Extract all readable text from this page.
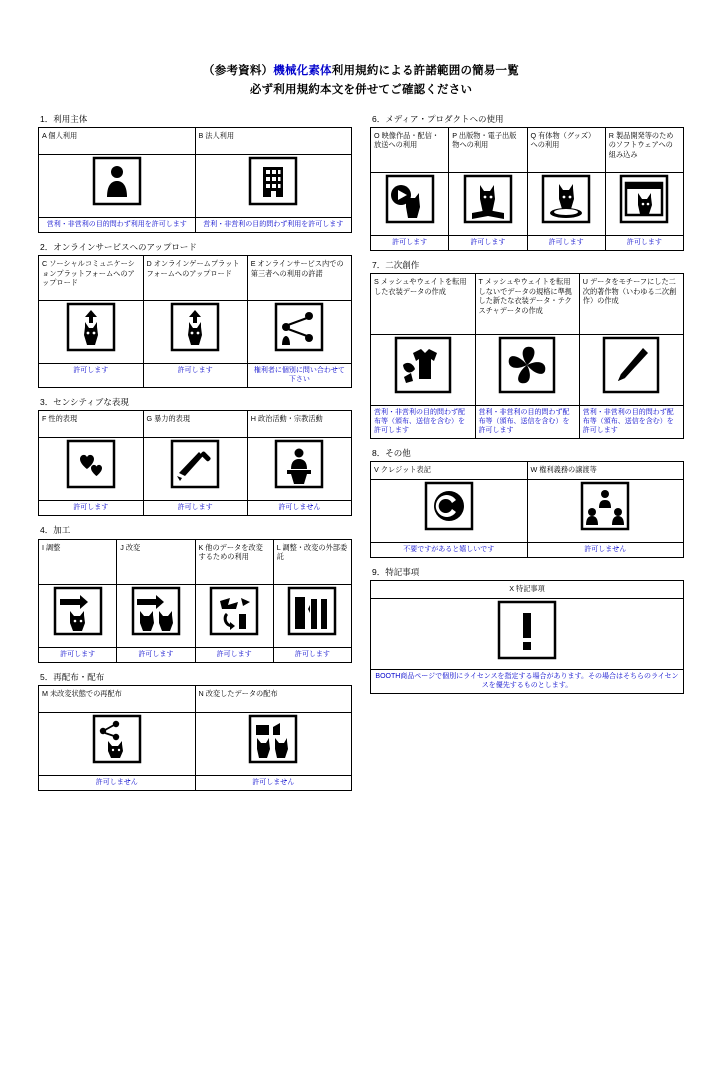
（参考資料）機械化素体利用規約による許諾範囲の簡易一覧
必ず利用規約本文を併せてご確認ください
1．利用主体
A 個人利用	B 法人利用

営利・非営利の目的問わず利用を許可します	営利・非営利の目的問わず利用を許可します
2．オンラインサービスへのアップロード
C ソーシャルコミュニケーションプラットフォームへのアップロード	D オンラインゲームプラットフォームへのアップロード	E オンラインサービス内での第三者への利用の許諾

許可します	許可します	権利者に個別に問い合わせて下さい
3．センシティブな表現
F 性的表現	G 暴力的表現	H 政治活動・宗教活動

許可します	許可します	許可しません
4．加工
I 調整	J 改変	K 他のデータを改変するための利用	L 調整・改変の外部委託

許可します	許可します	許可します	許可します
5．再配布・配布
M 未改変状態での再配布	N 改変したデータの配布

許可しません	許可しません
6．メディア・プロダクトへの使用
O 映像作品・配信・放送への利用	P 出版物・電子出版物への利用	Q 有体物（グッズ）への利用	R 製品開発等のためのソフトウェアへの組み込み

許可します	許可します	許可します	許可します
7．二次創作
S メッシュやウェイトを転用した衣装データの作成	T メッシュやウェイトを転用しないでデータの規格に準拠した新たな衣装データ・テクスチャデータの作成	U データをモチーフにした二次的著作物（いわゆる二次創作）の作成

営利・非営利の目的問わず配布等（頒布、送信を含む）を許可します	営利・非営利の目的問わず配布等（頒布、送信を含む）を許可します	営利・非営利の目的問わず配布等（頒布、送信を含む）を許可します
8．その他
V クレジット表記	W 権利義務の譲渡等

不要ですがあると嬉しいです	許可しません
9．特記事項
X 特記事項

BOOTH商品ページで個別にライセンスを指定する場合があります。その場合はそちらのライセンスを優先するものとします。
